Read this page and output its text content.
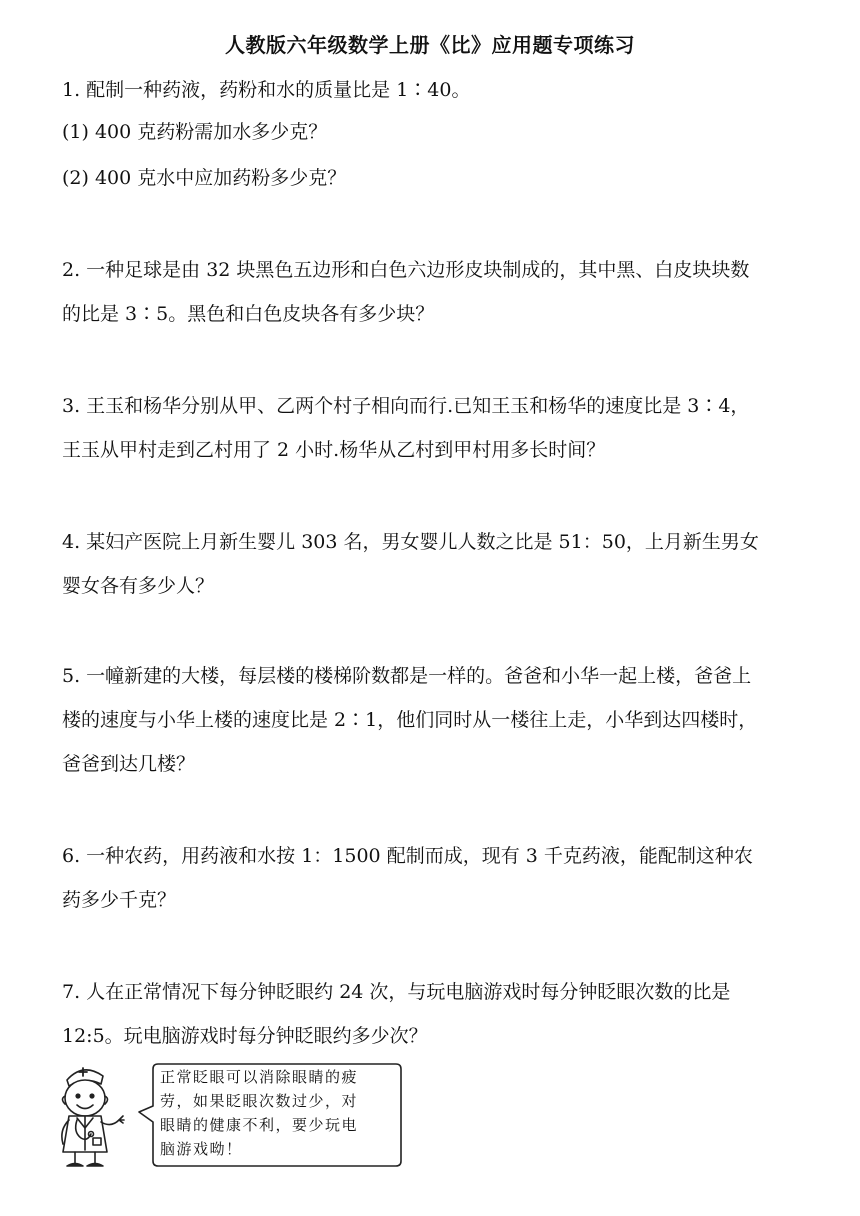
人教版六年级数学上册《比》应用题专项练习
1. 配制一种药液，药粉和水的质量比是 1∶40。
(1) 400 克药粉需加水多少克？
(2) 400 克水中应加药粉多少克？
2. 一种足球是由 32 块黑色五边形和白色六边形皮块制成的，其中黑、白皮块块数
的比是 3∶5。黑色和白色皮块各有多少块？
3. 王玉和杨华分别从甲、乙两个村子相向而行.已知王玉和杨华的速度比是 3∶4，
王玉从甲村走到乙村用了 2 小时.杨华从乙村到甲村用多长时间？
4. 某妇产医院上月新生婴儿 303 名，男女婴儿人数之比是 51：50，上月新生男女
婴女各有多少人？
5. 一幢新建的大楼，每层楼的楼梯阶数都是一样的。爸爸和小华一起上楼，爸爸上
楼的速度与小华上楼的速度比是 2∶1，他们同时从一楼往上走，小华到达四楼时，
爸爸到达几楼？
6. 一种农药，用药液和水按 1：1500 配制而成，现有 3 千克药液，能配制这种农
药多少千克？
7. 人在正常情况下每分钟眨眼约 24 次，与玩电脑游戏时每分钟眨眼次数的比是
12:5。玩电脑游戏时每分钟眨眼约多少次？
正常眨眼可以消除眼睛的疲
劳，如果眨眼次数过少，对
眼睛的健康不利，要少玩电
脑游戏呦！
